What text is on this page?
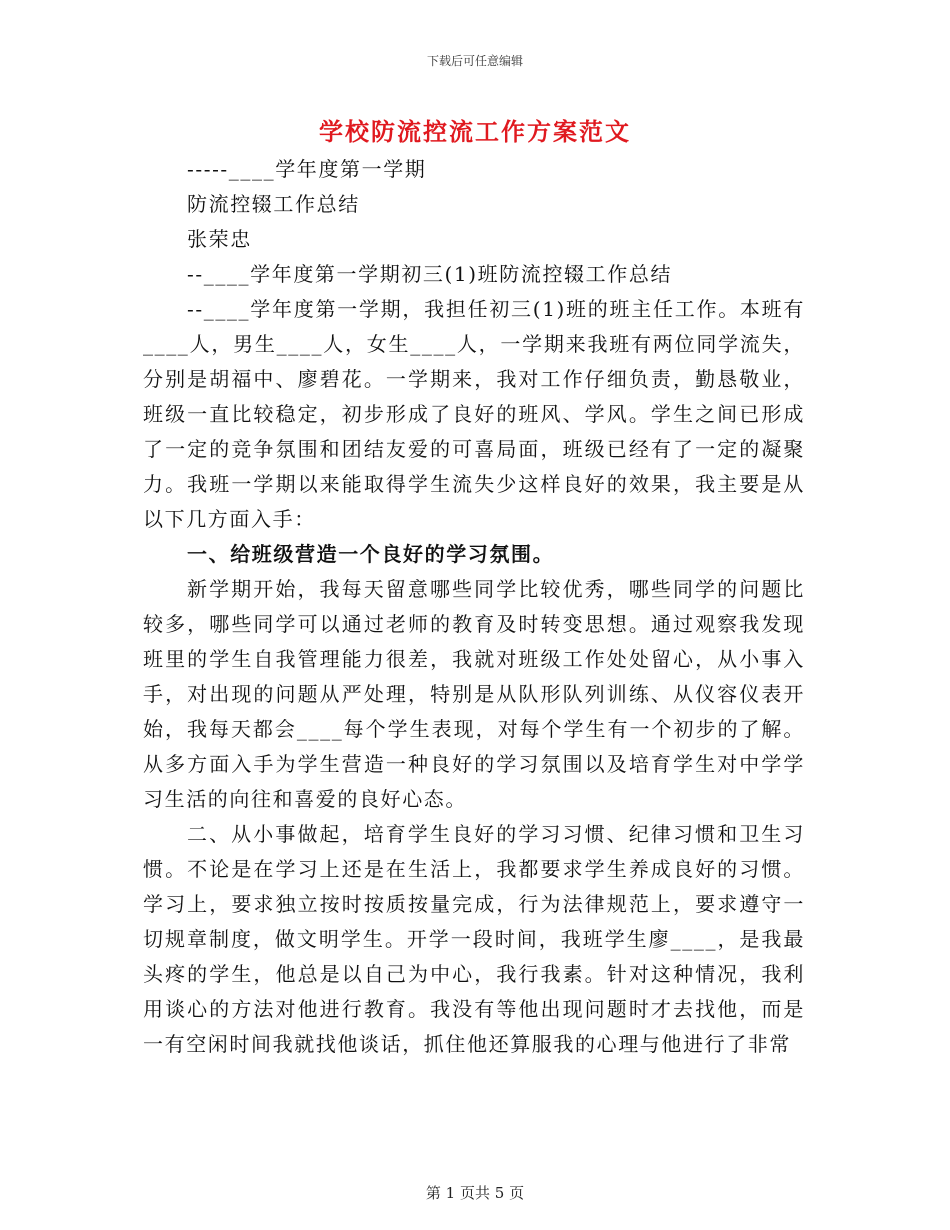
下载后可任意编辑
学校防流控流工作方案范文

-----____学年度第一学期

防流控辍工作总结

张荣忠

--____学年度第一学期初三(1)班防流控辍工作总结

--____学年度第一学期，我担任初三(1)班的班主任工作。本班有____人，男生____人，女生____人，一学期来我班有两位同学流失，分别是胡福中、廖碧花。一学期来，我对工作仔细负责，勤恳敬业，班级一直比较稳定，初步形成了良好的班风、学风。学生之间已形成了一定的竞争氛围和团结友爱的可喜局面，班级已经有了一定的凝聚力。我班一学期以来能取得学生流失少这样良好的效果，我主要是从以下几方面入手：

一、给班级营造一个良好的学习氛围。

新学期开始，我每天留意哪些同学比较优秀，哪些同学的问题比较多，哪些同学可以通过老师的教育及时转变思想。通过观察我发现班里的学生自我管理能力很差，我就对班级工作处处留心，从小事入手，对出现的问题从严处理，特别是从队形队列训练、从仪容仪表开始，我每天都会____每个学生表现，对每个学生有一个初步的了解。从多方面入手为学生营造一种良好的学习氛围以及培育学生对中学学习生活的向往和喜爱的良好心态。

二、从小事做起，培育学生良好的学习习惯、纪律习惯和卫生习惯。不论是在学习上还是在生活上，我都要求学生养成良好的习惯。学习上，要求独立按时按质按量完成，行为法律规范上，要求遵守一切规章制度，做文明学生。开学一段时间，我班学生廖____，是我最头疼的学生，他总是以自己为中心，我行我素。针对这种情况，我利用谈心的方法对他进行教育。我没有等他出现问题时才去找他，而是一有空闲时间我就找他谈话，抓住他还算服我的心理与他进行了非常

第 1 页共 5 页
